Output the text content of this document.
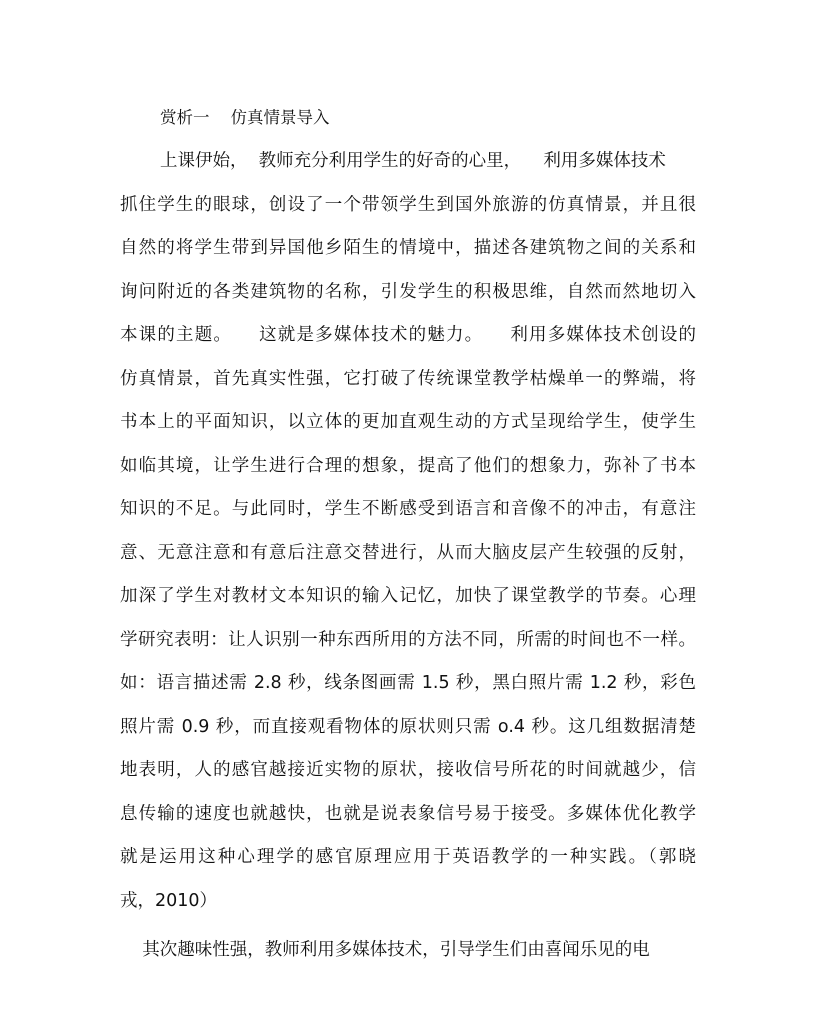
赏析一    仿真情景导入
上课伊始，  教师充分利用学生的好奇的心里，    利用多媒体技术
抓住学生的眼球，创设了一个带领学生到国外旅游的仿真情景，并且很
自然的将学生带到异国他乡陌生的情境中，描述各建筑物之间的关系和
询问附近的各类建筑物的名称，引发学生的积极思维，自然而然地切入
本课的主题。    这就是多媒体技术的魅力。    利用多媒体技术创设的
仿真情景，首先真实性强，它打破了传统课堂教学枯燥单一的弊端，将
书本上的平面知识，以立体的更加直观生动的方式呈现给学生，使学生
如临其境，让学生进行合理的想象，提高了他们的想象力，弥补了书本
知识的不足。与此同时，学生不断感受到语言和音像不的冲击，有意注
意、无意注意和有意后注意交替进行，从而大脑皮层产生较强的反射，
加深了学生对教材文本知识的输入记忆，加快了课堂教学的节奏。心理
学研究表明：让人识别一种东西所用的方法不同，所需的时间也不一样。
如：语言描述需 2.8 秒，线条图画需 1.5 秒，黑白照片需 1.2 秒，彩色
照片需 0.9 秒，而直接观看物体的原状则只需 o.4 秒。这几组数据清楚
地表明，人的感官越接近实物的原状，接收信号所花的时间就越少，信
息传输的速度也就越快，也就是说表象信号易于接受。多媒体优化教学
就是运用这种心理学的感官原理应用于英语教学的一种实践。（郭晓
戎，2010）
其次趣味性强，教师利用多媒体技术，引导学生们由喜闻乐见的电
